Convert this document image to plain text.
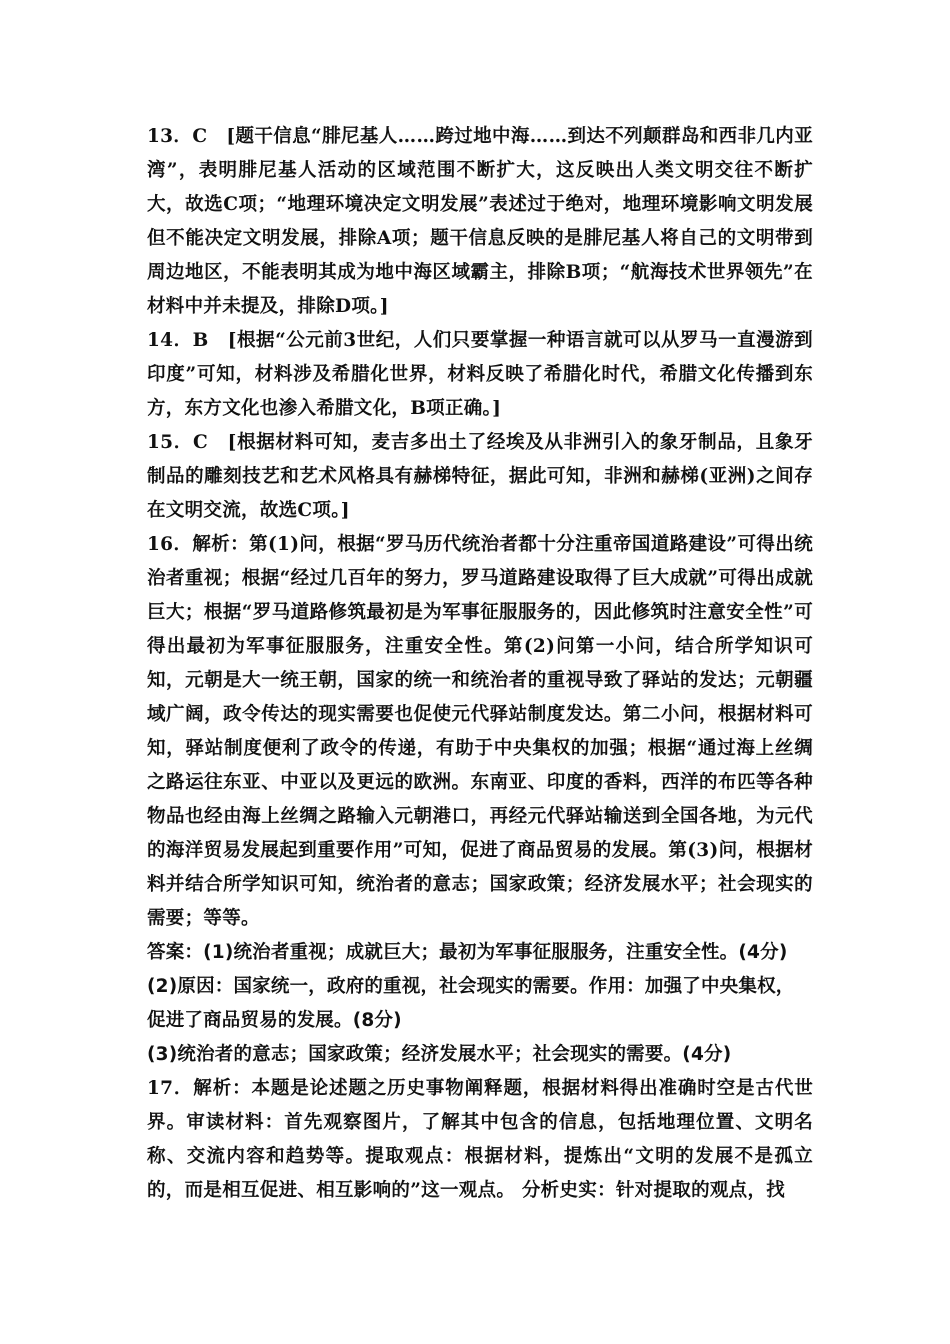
13．C　[题干信息“腓尼基人……跨过地中海……到达不列颠群岛和西非几内亚湾”，表明腓尼基人活动的区域范围不断扩大，这反映出人类文明交往不断扩大，故选C项；“地理环境决定文明发展”表述过于绝对，地理环境影响文明发展但不能决定文明发展，排除A项；题干信息反映的是腓尼基人将自己的文明带到周边地区，不能表明其成为地中海区域霸主，排除B项；“航海技术世界领先”在材料中并未提及，排除D项。]

14．B　[根据“公元前3世纪，人们只要掌握一种语言就可以从罗马一直漫游到印度”可知，材料涉及希腊化世界，材料反映了希腊化时代，希腊文化传播到东方，东方文化也渗入希腊文化，B项正确。]

15．C　[根据材料可知，麦吉多出土了经埃及从非洲引入的象牙制品，且象牙制品的雕刻技艺和艺术风格具有赫梯特征，据此可知，非洲和赫梯(亚洲)之间存在文明交流，故选C项。]

16．解析：第(1)问，根据“罗马历代统治者都十分注重帝国道路建设”可得出统治者重视；根据“经过几百年的努力，罗马道路建设取得了巨大成就”可得出成就巨大；根据“罗马道路修筑最初是为军事征服服务的，因此修筑时注意安全性”可得出最初为军事征服服务，注重安全性。第(2)问第一小问，结合所学知识可知，元朝是大一统王朝，国家的统一和统治者的重视导致了驿站的发达；元朝疆域广阔，政令传达的现实需要也促使元代驿站制度发达。第二小问，根据材料可知，驿站制度便利了政令的传递，有助于中央集权的加强；根据“通过海上丝绸之路运往东亚、中亚以及更远的欧洲。东南亚、印度的香料，西洋的布匹等各种物品也经由海上丝绸之路输入元朝港口，再经元代驿站输送到全国各地，为元代的海洋贸易发展起到重要作用”可知，促进了商品贸易的发展。第(3)问，根据材料并结合所学知识可知，统治者的意志；国家政策；经济发展水平；社会现实的需要；等等。

答案：(1)统治者重视；成就巨大；最初为军事征服服务，注重安全性。(4分)

(2)原因：国家统一，政府的重视，社会现实的需要。作用：加强了中央集权，促进了商品贸易的发展。(8分)

(3)统治者的意志；国家政策；经济发展水平；社会现实的需要。(4分)

17．解析：本题是论述题之历史事物阐释题，根据材料得出准确时空是古代世界。审读材料：首先观察图片，了解其中包含的信息，包括地理位置、文明名称、交流内容和趋势等。提取观点：根据材料，提炼出“文明的发展不是孤立的，而是相互促进、相互影响的”这一观点。 分析史实：针对提取的观点，找
